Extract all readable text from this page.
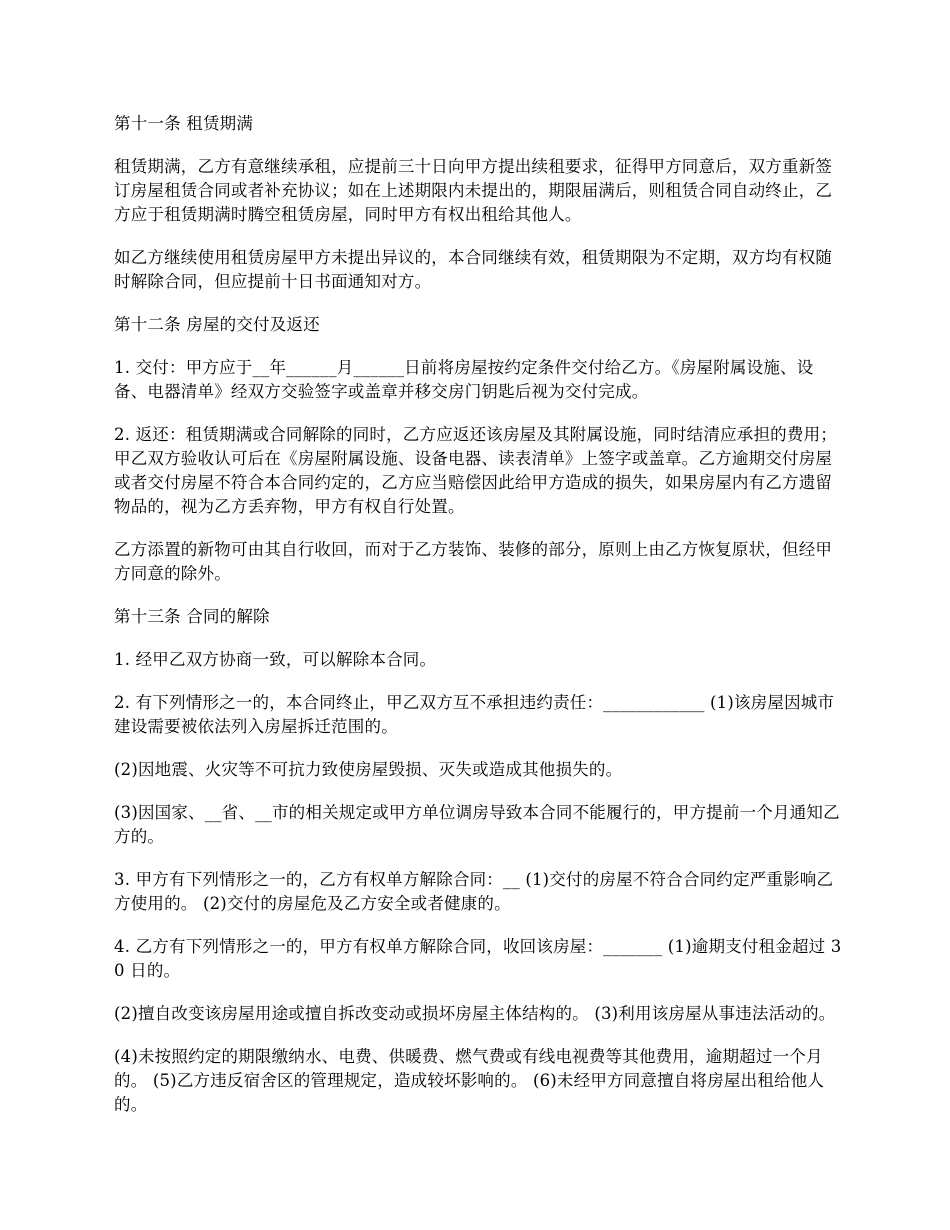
第十一条 租赁期满

租赁期满，乙方有意继续承租，应提前三十日向甲方提出续租要求，征得甲方同意后，双方重新签订房屋租赁合同或者补充协议；如在上述期限内未提出的，期限届满后，则租赁合同自动终止，乙方应于租赁期满时腾空租赁房屋，同时甲方有权出租给其他人。

如乙方继续使用租赁房屋甲方未提出异议的，本合同继续有效，租赁期限为不定期，双方均有权随时解除合同，但应提前十日书面通知对方。

第十二条 房屋的交付及返还

1. 交付：甲方应于__年______月______日前将房屋按约定条件交付给乙方。《房屋附属设施、设备、电器清单》经双方交验签字或盖章并移交房门钥匙后视为交付完成。

2. 返还：租赁期满或合同解除的同时，乙方应返还该房屋及其附属设施，同时结清应承担的费用；甲乙双方验收认可后在《房屋附属设施、设备电器、读表清单》上签字或盖章。乙方逾期交付房屋或者交付房屋不符合本合同约定的，乙方应当赔偿因此给甲方造成的损失，如果房屋内有乙方遗留物品的，视为乙方丢弃物，甲方有权自行处置。

乙方添置的新物可由其自行收回，而对于乙方装饰、装修的部分，原则上由乙方恢复原状，但经甲方同意的除外。

第十三条 合同的解除

1. 经甲乙双方协商一致，可以解除本合同。

2. 有下列情形之一的，本合同终止，甲乙双方互不承担违约责任：____________ (1)该房屋因城市建设需要被依法列入房屋拆迁范围的。

(2)因地震、火灾等不可抗力致使房屋毁损、灭失或造成其他损失的。

(3)因国家、__省、__市的相关规定或甲方单位调房导致本合同不能履行的，甲方提前一个月通知乙方的。

3. 甲方有下列情形之一的，乙方有权单方解除合同：__ (1)交付的房屋不符合合同约定严重影响乙方使用的。 (2)交付的房屋危及乙方安全或者健康的。

4. 乙方有下列情形之一的，甲方有权单方解除合同，收回该房屋：_______ (1)逾期支付租金超过 30 日的。

(2)擅自改变该房屋用途或擅自拆改变动或损坏房屋主体结构的。 (3)利用该房屋从事违法活动的。

(4)未按照约定的期限缴纳水、电费、供暖费、燃气费或有线电视费等其他费用，逾期超过一个月的。 (5)乙方违反宿舍区的管理规定，造成较坏影响的。 (6)未经甲方同意擅自将房屋出租给他人的。
